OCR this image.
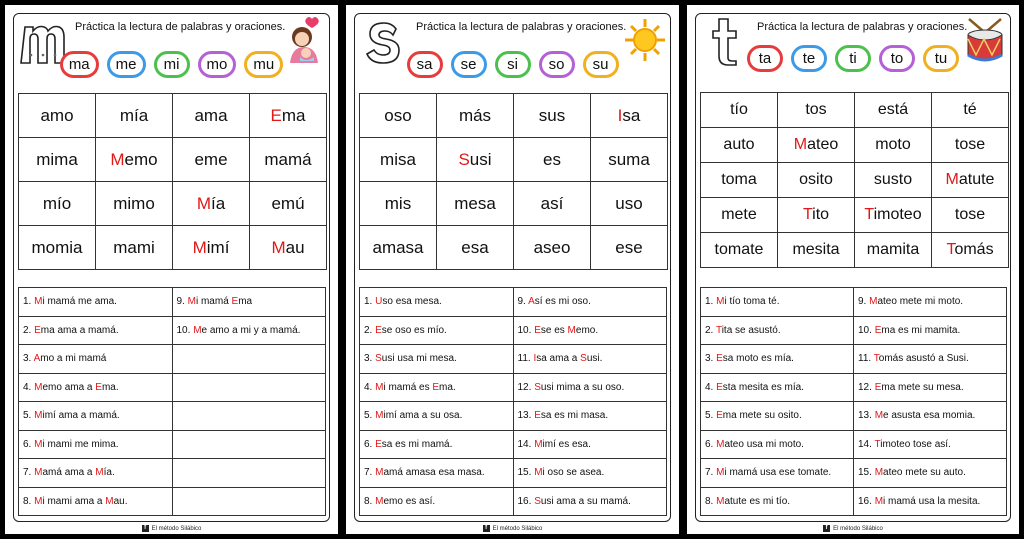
Práctica la lectura de palabras y oraciones.
ma	me	mi	mo	mu
amo	mía	ama	Ema
mima	Memo	eme	mamá
mío	mimo	Mía	emú
momia	mami	Mimí	Mau
1. Mi mamá me ama.	9. Mi mamá Ema
2. Ema ama a mamá.	10. Me amo a mi y a mamá.
3. Amo a mi mamá	
4. Memo ama a Ema.	
5. Mimí ama a mamá.	
6. Mi mami me mima.	
7. Mamá ama a Mía.	
8. Mi mami ama a Mau.	
f El método Silábico
Práctica la lectura de palabras y oraciones.
sa	se	si	so	su
oso	más	sus	Isa
misa	Susi	es	suma
mis	mesa	así	uso
amasa	esa	aseo	ese
1. Uso esa mesa.	9. Así es mi oso.
2. Ese oso es mío.	10. Ese es Memo.
3. Susi usa mi mesa.	11. Isa ama a Susi.
4. Mi mamá es Ema.	12. Susi mima a su oso.
5. Mimí ama a su osa.	13. Esa es mi masa.
6. Esa es mi mamá.	14. Mimí es esa.
7. Mamá amasa esa masa.	15. Mi oso se asea.
8. Memo es así.	16. Susi ama a su mamá.
f El método Silábico
Práctica la lectura de palabras y oraciones.
ta	te	ti	to	tu
tío	tos	está	té
auto	Mateo	moto	tose
toma	osito	susto	Matute
mete	Tito	Timoteo	tose
tomate	mesita	mamita	Tomás
1. Mi tío toma té.	9. Mateo mete mi moto.
2. Tita se asustó.	10. Ema es mi mamita.
3. Esa moto es mía.	11. Tomás asustó a Susi.
4. Esta mesita es mía.	12. Ema mete su mesa.
5. Ema mete su osito.	13. Me asusta esa momia.
6. Mateo usa mi moto.	14. Timoteo tose así.
7. Mi mamá usa ese tomate.	15. Mateo mete su auto.
8. Matute es mi tío.	16. Mi mamá usa la mesita.
f El método Silábico
